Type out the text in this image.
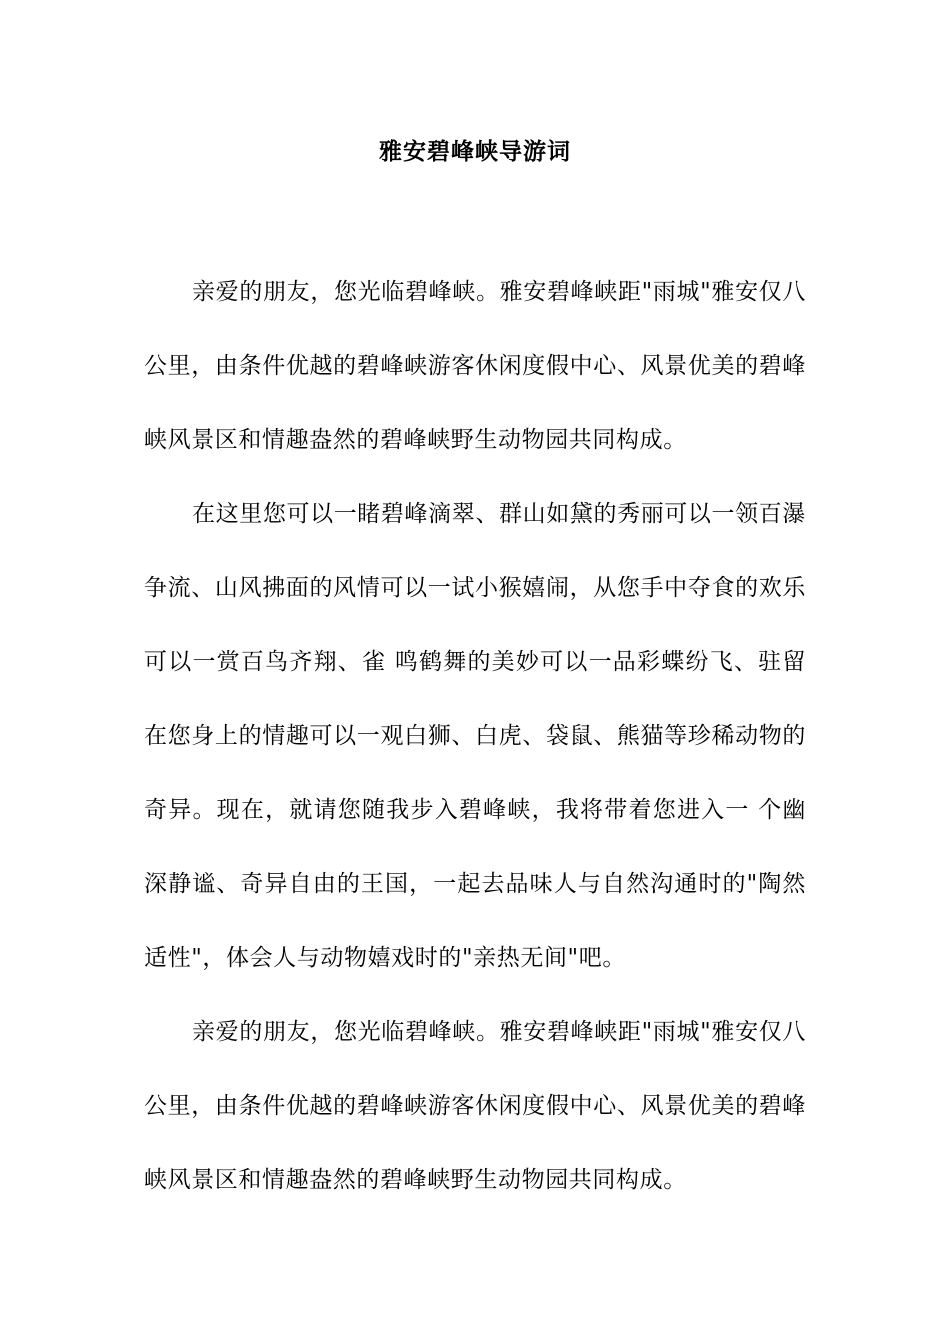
雅安碧峰峡导游词

亲爱的朋友，您光临碧峰峡。雅安碧峰峡距"雨城"雅安仅八公里，由条件优越的碧峰峡游客休闲度假中心、风景优美的碧峰峡风景区和情趣盎然的碧峰峡野生动物园共同构成。

在这里您可以一睹碧峰滴翠、群山如黛的秀丽可以一领百瀑争流、山风拂面的风情可以一试小猴嬉闹，从您手中夺食的欢乐可以一赏百鸟齐翔、雀 鸣鹤舞的美妙可以一品彩蝶纷飞、驻留在您身上的情趣可以一观白狮、白虎、袋鼠、熊猫等珍稀动物的奇异。现在，就请您随我步入碧峰峡，我将带着您进入一 个幽深静谧、奇异自由的王国，一起去品味人与自然沟通时的"陶然适性"，体会人与动物嬉戏时的"亲热无间"吧。

亲爱的朋友，您光临碧峰峡。雅安碧峰峡距"雨城"雅安仅八公里，由条件优越的碧峰峡游客休闲度假中心、风景优美的碧峰峡风景区和情趣盎然的碧峰峡野生动物园共同构成。
